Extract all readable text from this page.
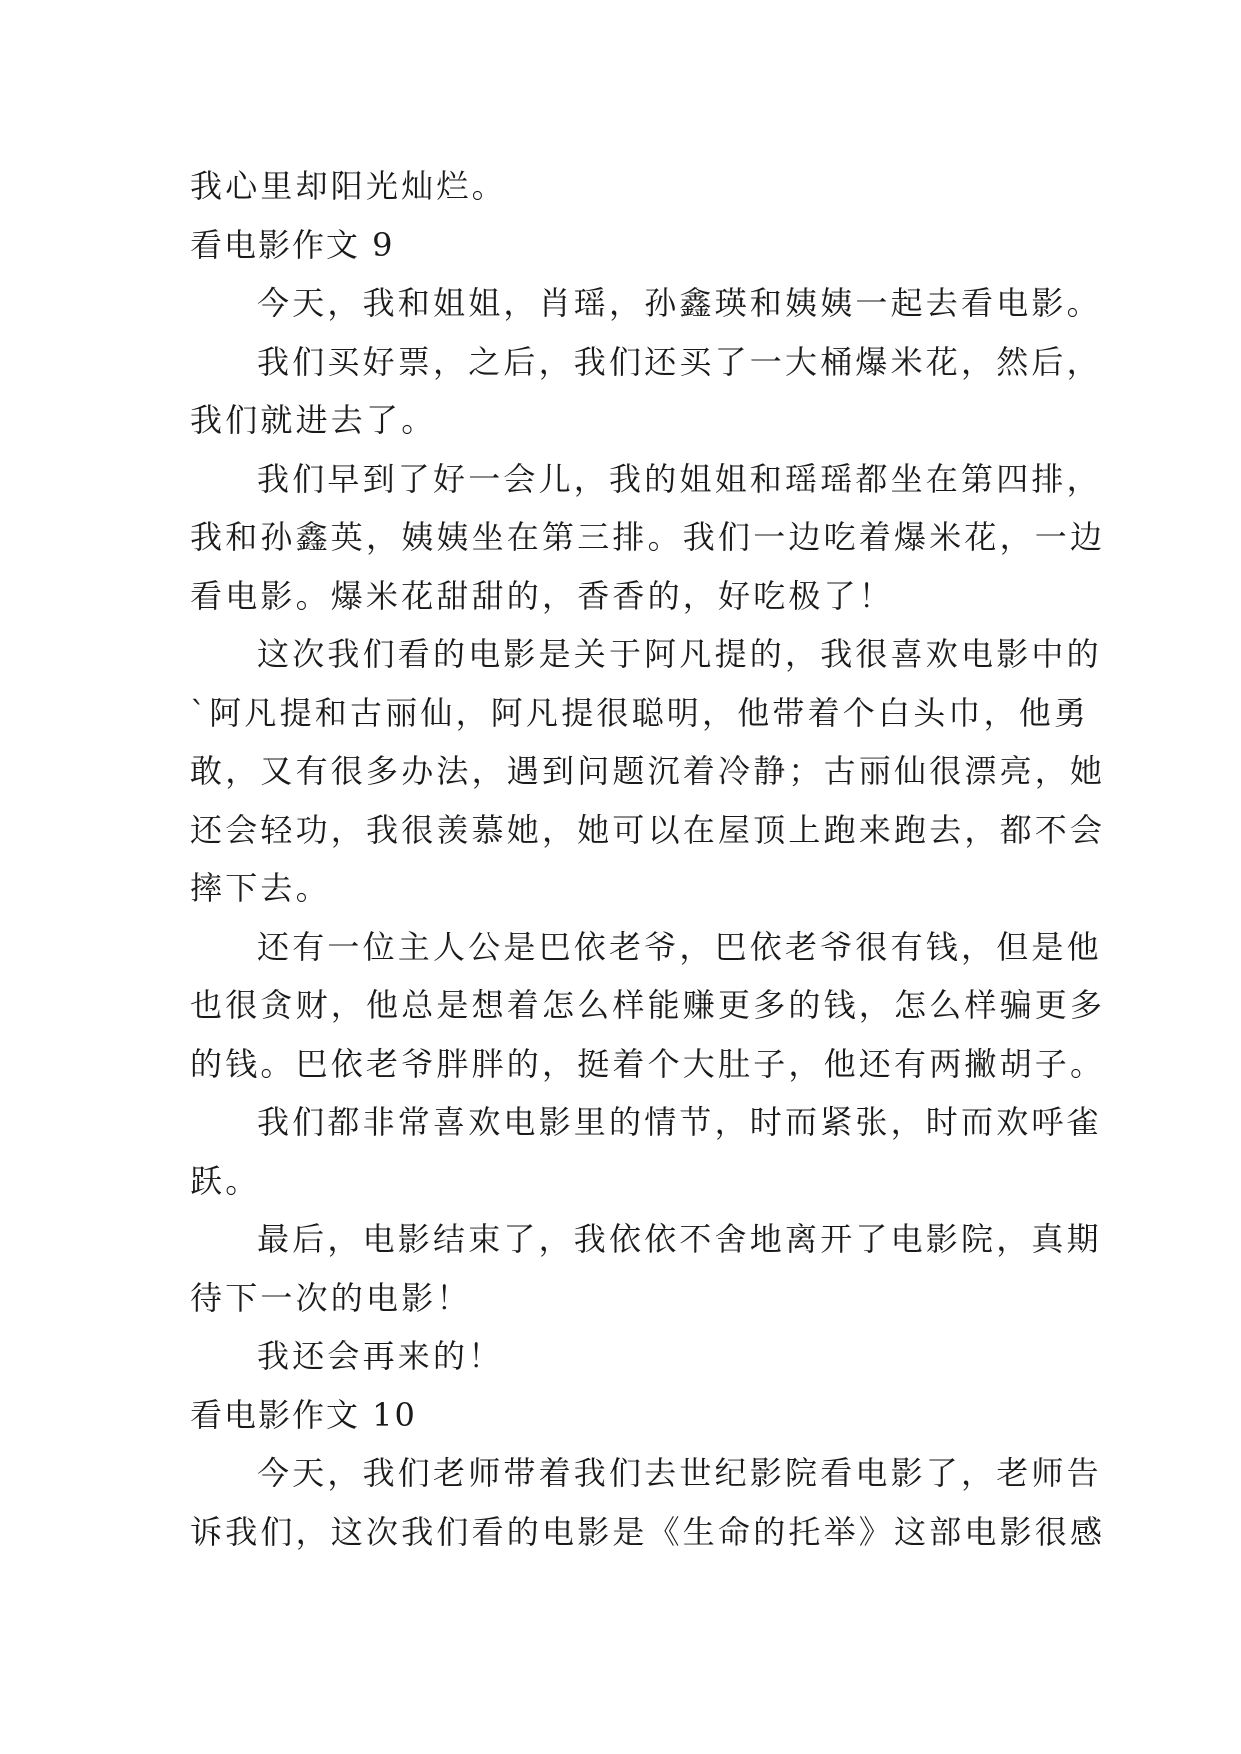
我心里却阳光灿烂。
看电影作文 9
今天，我和姐姐，肖瑶，孙鑫瑛和姨姨一起去看电影。
我们买好票，之后，我们还买了一大桶爆米花，然后，
我们就进去了。
我们早到了好一会儿，我的姐姐和瑶瑶都坐在第四排，
我和孙鑫英，姨姨坐在第三排。我们一边吃着爆米花，一边
看电影。爆米花甜甜的，香香的，好吃极了！
这次我们看的电影是关于阿凡提的，我很喜欢电影中的
`阿凡提和古丽仙，阿凡提很聪明，他带着个白头巾，他勇
敢，又有很多办法，遇到问题沉着冷静；古丽仙很漂亮，她
还会轻功，我很羡慕她，她可以在屋顶上跑来跑去，都不会
摔下去。
还有一位主人公是巴依老爷，巴依老爷很有钱，但是他
也很贪财，他总是想着怎么样能赚更多的钱，怎么样骗更多
的钱。巴依老爷胖胖的，挺着个大肚子，他还有两撇胡子。
我们都非常喜欢电影里的情节，时而紧张，时而欢呼雀
跃。
最后，电影结束了，我依依不舍地离开了电影院，真期
待下一次的电影！
我还会再来的！
看电影作文 10
今天，我们老师带着我们去世纪影院看电影了，老师告
诉我们，这次我们看的电影是《生命的托举》这部电影很感
